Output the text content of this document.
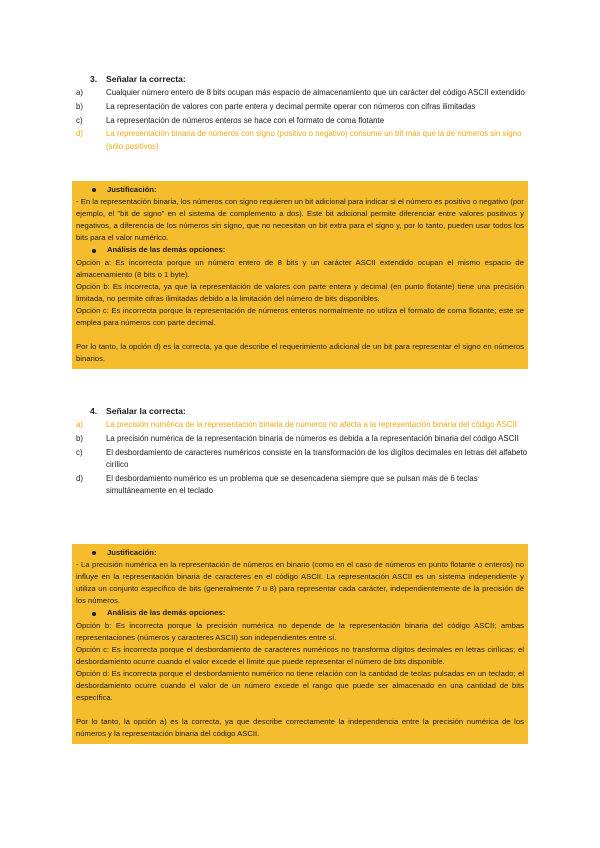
3. Señalar la correcta:
a)	Cualquier número entero de 8 bits ocupan más espacio de almacenamiento que un carácter del código ASCII extendido
b)	La representación de valores con parte entera y decimal permite operar con números con cifras ilimitadas
c)	La representación de números enteros se hace con el formato de coma flotante
d)	La representación binaria de números con signo (positivo o negativo) consume un bit más que la de números sin signo (sólo positivos)
Justificación:

- En la representación binaria, los números con signo requieren un bit adicional para indicar si el número es positivo o negativo (por ejemplo, el "bit de signo" en el sistema de complemento a dos). Este bit adicional permite diferenciar entre valores positivos y negativos, a diferencia de los números sin signo, que no necesitan un bit extra para el signo y, por lo tanto, pueden usar todos los bits para el valor numérico.

Análisis de las demás opciones:

Opción a: Es incorrecta porque un número entero de 8 bits y un carácter ASCII extendido ocupan el mismo espacio de almacenamiento (8 bits o 1 byte).

Opción b: Es incorrecta, ya que la representación de valores con parte entera y decimal (en punto flotante) tiene una precisión limitada, no permite cifras ilimitadas debido a la limitación del número de bits disponibles.

Opción c: Es incorrecta porque la representación de números enteros normalmente no utiliza el formato de coma flotante; este se emplea para números con parte decimal.

Por lo tanto, la opción d) es la correcta, ya que describe el requerimiento adicional de un bit para representar el signo en números binarios.

4. Señalar la correcta:
a)	La precisión numérica de la representación binaria de números no afecta a la representación binaria del código ASCII
b)	La precisión numérica de la representación binaria de números es debida a la representación binaria del código ASCII
c)	El desbordamiento de caracteres numéricos consiste en la transformación de los dígitos decimales en letras del alfabeto cirílico
d)	El desbordamiento numérico es un problema que se desencadena siempre que se pulsan más de 6 teclas simultáneamente en el teclado
Justificación:

- La precisión numérica en la representación de números en binario (como en el caso de números en punto flotante o enteros) no influye en la representación binaria de caracteres en el código ASCII. La representación ASCII es un sistema independiente y utiliza un conjunto específico de bits (generalmente 7 u 8) para representar cada carácter, independientemente de la precisión de los números.

Análisis de las demás opciones:

Opción b: Es incorrecta porque la precisión numérica no depende de la representación binaria del código ASCII; ambas representaciones (números y caracteres ASCII) son independientes entre sí.

Opción c: Es incorrecta porque el desbordamiento de caracteres numéricos no transforma dígitos decimales en letras cirílicas; el desbordamiento ocurre cuando el valor excede el límite que puede representar el número de bits disponible.

Opción d: Es incorrecta porque el desbordamiento numérico no tiene relación con la cantidad de teclas pulsadas en un teclado; el desbordamiento ocurre cuando el valor de un número excede el rango que puede ser almacenado en una cantidad de bits específica.

Por lo tanto, la opción a) es la correcta, ya que describe correctamente la independencia entre la precisión numérica de los números y la representación binaria del código ASCII.
